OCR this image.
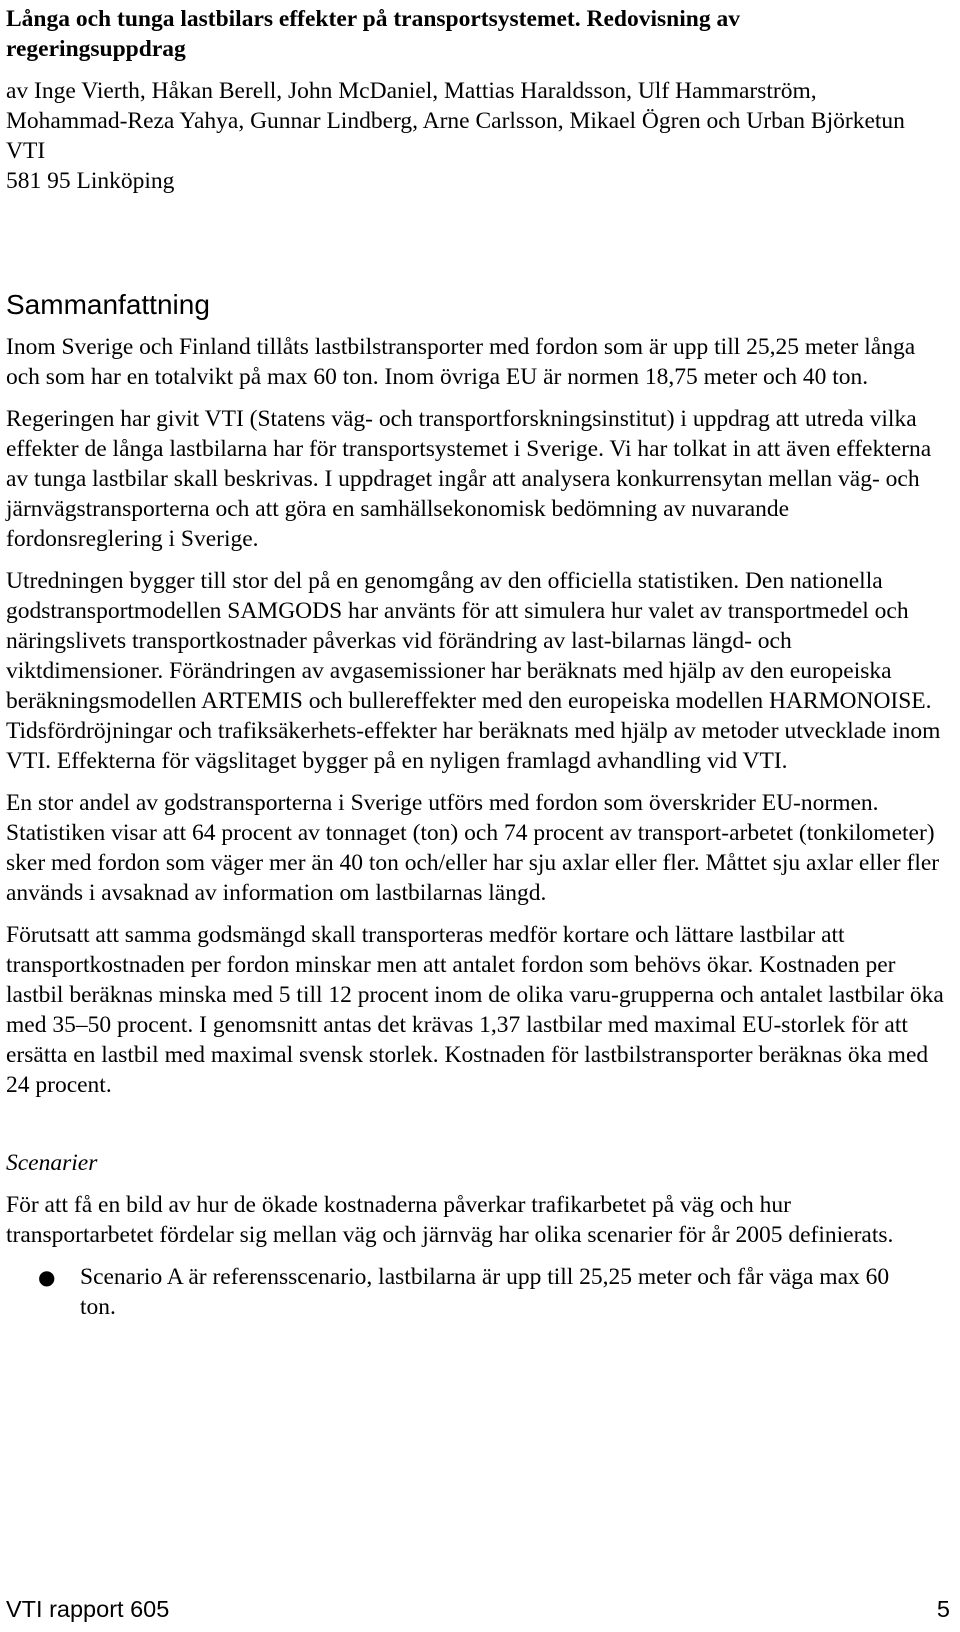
Långa och tunga lastbilars effekter på transportsystemet. Redovisning av regeringsuppdrag
av Inge Vierth, Håkan Berell, John McDaniel, Mattias Haraldsson, Ulf Hammarström, Mohammad-Reza Yahya, Gunnar Lindberg, Arne Carlsson, Mikael Ögren och Urban Björketun
VTI
581 95 Linköping
Sammanfattning

Inom Sverige och Finland tillåts lastbilstransporter med fordon som är upp till 25,25 meter långa och som har en totalvikt på max 60 ton. Inom övriga EU är normen 18,75 meter och 40 ton.

Regeringen har givit VTI (Statens väg- och transportforskningsinstitut) i uppdrag att utreda vilka effekter de långa lastbilarna har för transportsystemet i Sverige. Vi har tolkat in att även effekterna av tunga lastbilar skall beskrivas. I uppdraget ingår att analysera konkurrensytan mellan väg- och järnvägstransporterna och att göra en samhällsekonomisk bedömning av nuvarande fordonsreglering i Sverige.

Utredningen bygger till stor del på en genomgång av den officiella statistiken. Den nationella godstransportmodellen SAMGODS har använts för att simulera hur valet av transportmedel och näringslivets transportkostnader påverkas vid förändring av last-bilarnas längd- och viktdimensioner. Förändringen av avgasemissioner har beräknats med hjälp av den europeiska beräkningsmodellen ARTEMIS och bullereffekter med den europeiska modellen HARMONOISE. Tidsfördröjningar och trafiksäkerhets-effekter har beräknats med hjälp av metoder utvecklade inom VTI. Effekterna för vägslitaget bygger på en nyligen framlagd avhandling vid VTI.

En stor andel av godstransporterna i Sverige utförs med fordon som överskrider EU-normen. Statistiken visar att 64 procent av tonnaget (ton) och 74 procent av transport-arbetet (tonkilometer) sker med fordon som väger mer än 40 ton och/eller har sju axlar eller fler. Måttet sju axlar eller fler används i avsaknad av information om lastbilarnas längd.

Förutsatt att samma godsmängd skall transporteras medför kortare och lättare lastbilar att transportkostnaden per fordon minskar men att antalet fordon som behövs ökar. Kostnaden per lastbil beräknas minska med 5 till 12 procent inom de olika varu-grupperna och antalet lastbilar öka med 35–50 procent. I genomsnitt antas det krävas 1,37 lastbilar med maximal EU-storlek för att ersätta en lastbil med maximal svensk storlek. Kostnaden för lastbilstransporter beräknas öka med 24 procent.

Scenarier

För att få en bild av hur de ökade kostnaderna påverkar trafikarbetet på väg och hur transportarbetet fördelar sig mellan väg och järnväg har olika scenarier för år 2005 definierats.

● Scenario A är referensscenario, lastbilarna är upp till 25,25 meter och får väga max 60 ton.
VTI rapport 605	5
